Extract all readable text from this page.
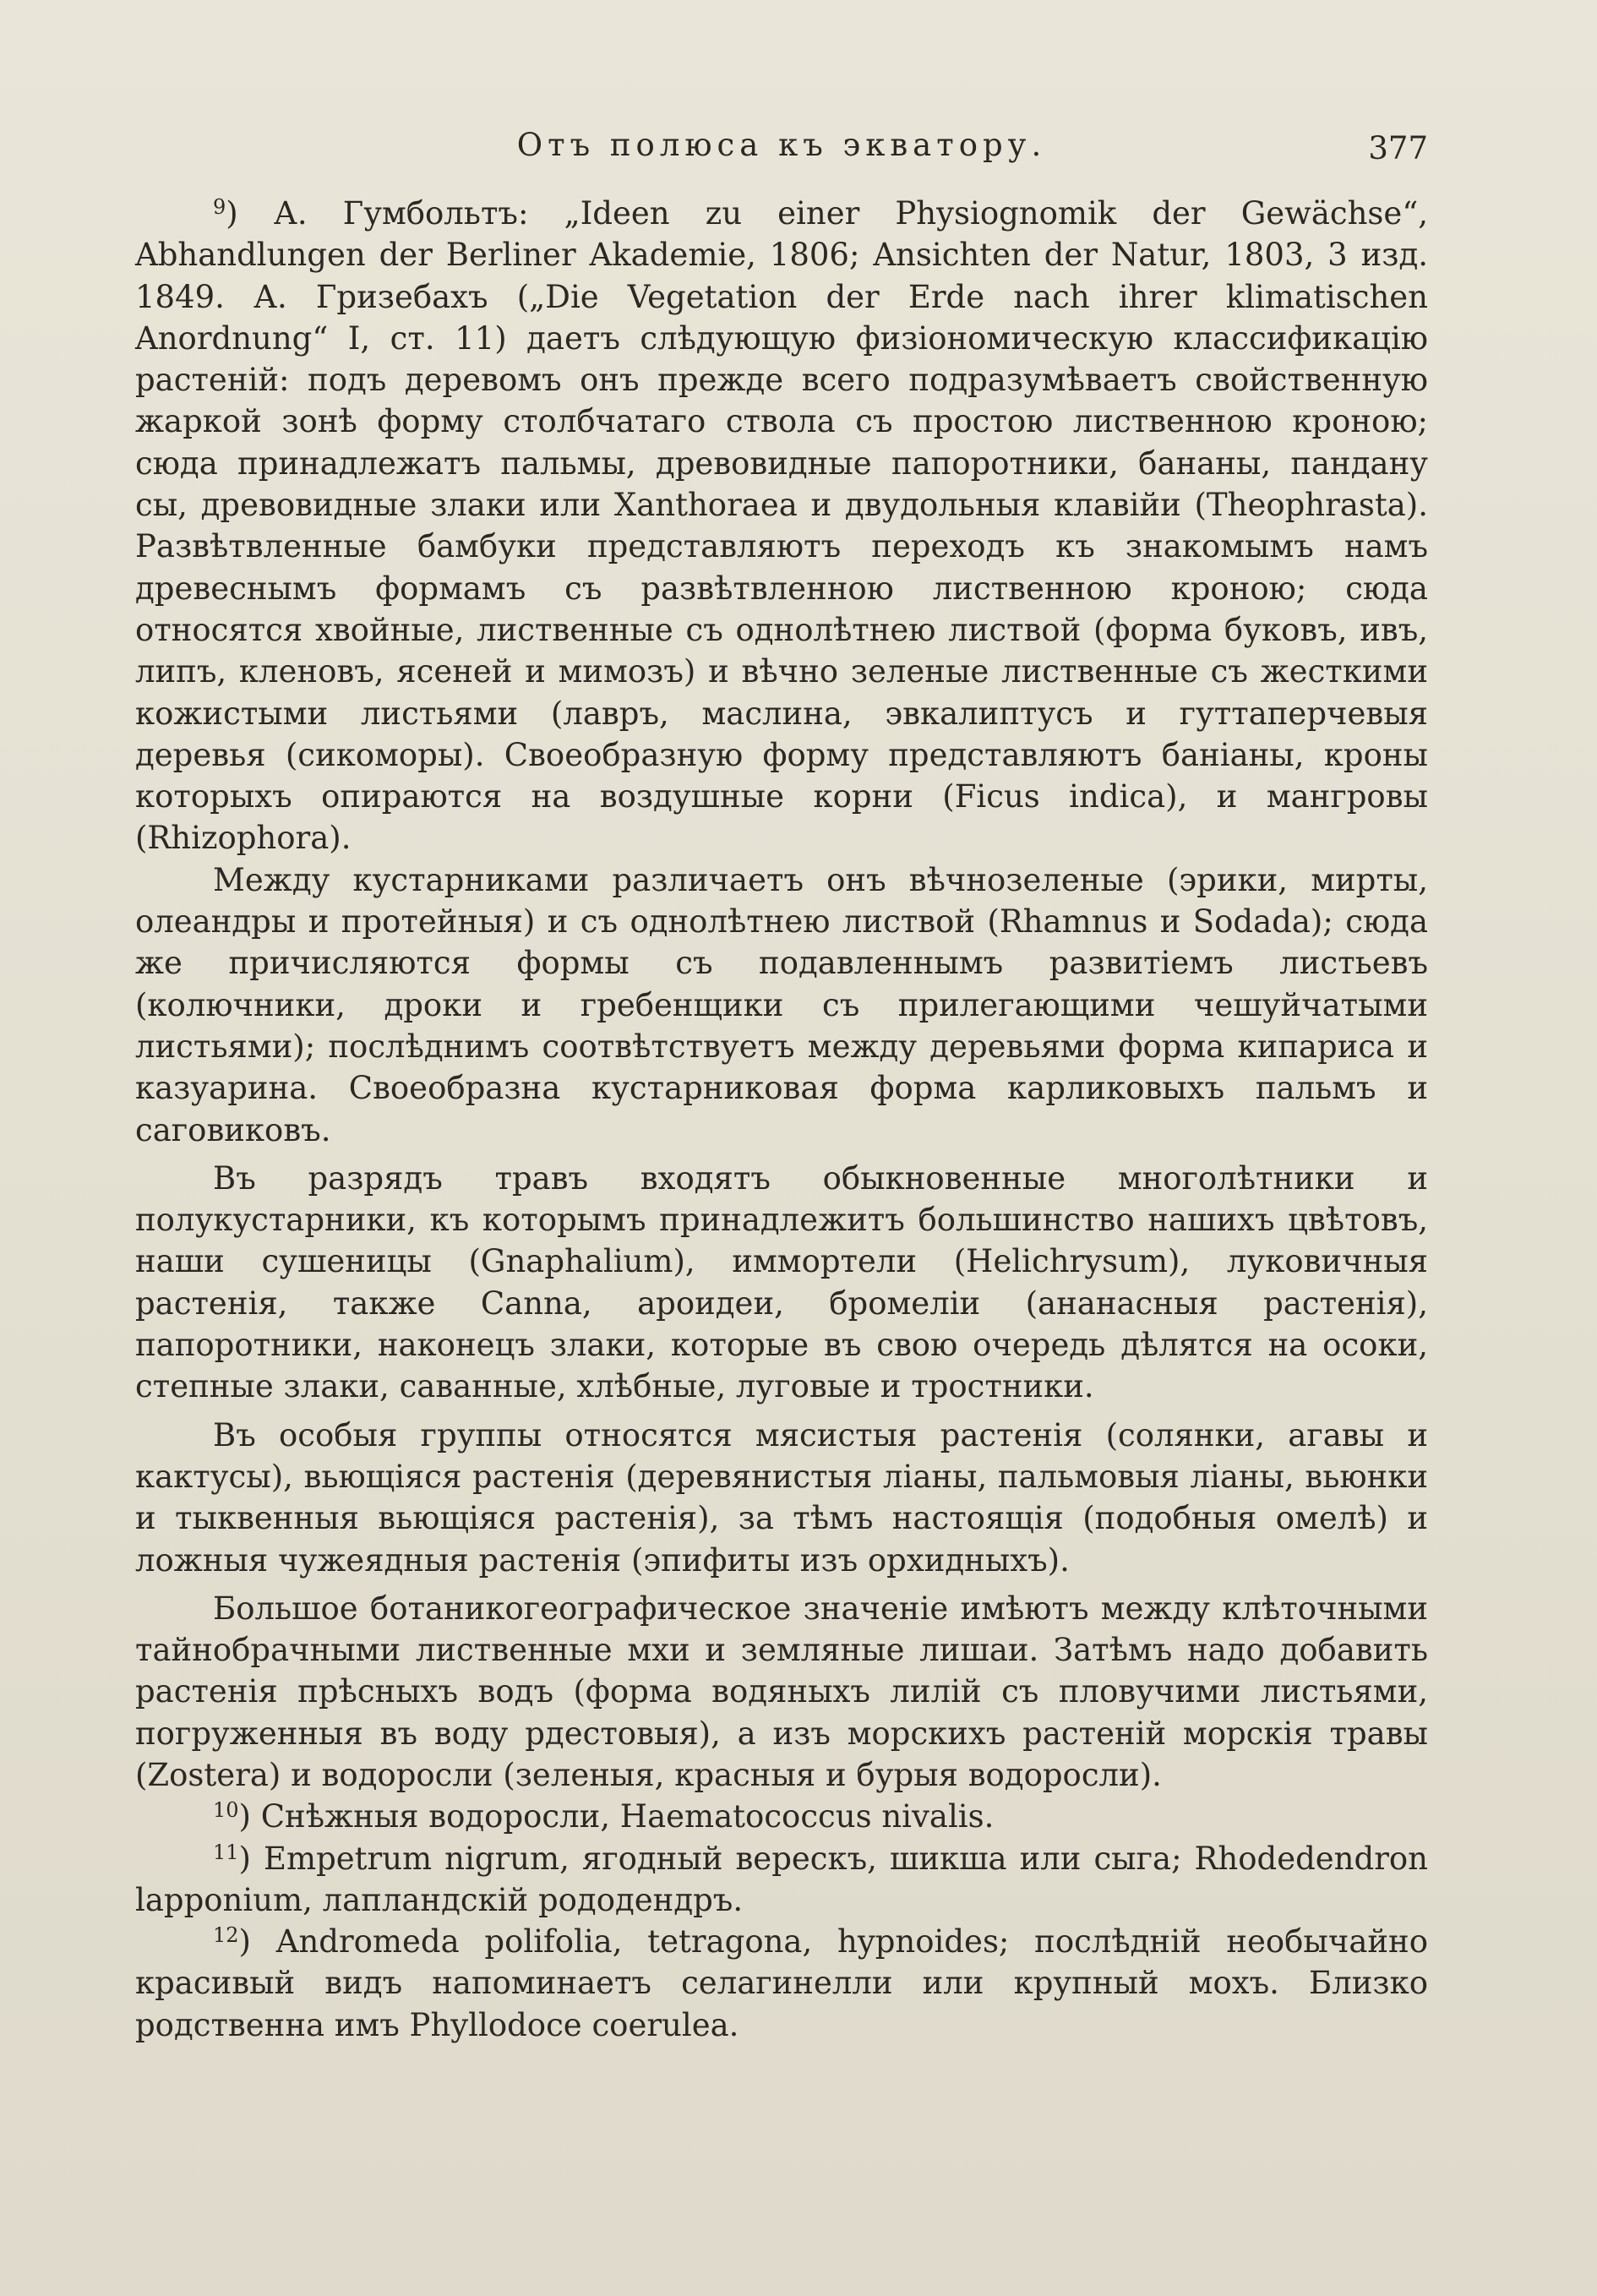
Отъ полюса къ экватору.	377

$^9$) А. Гумбольтъ: „Ideen zu einer Physiognomik der Gewächse“, Abhandlungen der Berliner Akademie, 1806; Ansichten der Natur, 1803, 3 изд. 1849. А. Гризебахъ („Die Vegetation der Erde nach ihrer klimatischen Anordnung“ I, ст. 11) даетъ слѣдующую физіономическую классификацію растеній: подъ деревомъ онъ прежде всего подразумѣваетъ свойственную жаркой зонѣ форму столбчатаго ствола съ простою лиственною кроною; сюда принадлежатъ пальмы, древовидные папоротники, бананы, пандану сы, древовидные злаки или Xanthoraea и двудольныя клавійи (Theophrasta). Развѣтвленные бамбуки представляютъ переходъ къ знакомымъ намъ древеснымъ формамъ съ развѣтвленною лиственною кроною; сюда относятся хвойные, лиственные съ однолѣтнею листвой (форма буковъ, ивъ, липъ, кленовъ, ясеней и мимозъ) и вѣчно зеленые лиственные съ жесткими кожистыми листьями (лавръ, маслина, эвкалиптусъ и гуттаперчевыя деревья (сикоморы). Своеобразную форму представляютъ баніаны, кроны которыхъ опираются на воздушные корни (Ficus indica), и мангровы (Rhizophora).

Между кустарниками различаетъ онъ вѣчнозеленые (эрики, мирты, олеандры и протейныя) и съ однолѣтнею листвой (Rhamnus и Sodada); сюда же причисляются формы съ подавленнымъ развитіемъ листьевъ (колючники, дроки и гребенщики съ прилегающими чешуйчатыми листьями); послѣднимъ соотвѣтствуетъ между деревьями форма кипариса и казуарина. Своеобразна кустарниковая форма карликовыхъ пальмъ и саговиковъ.

Въ разрядъ травъ входятъ обыкновенные многолѣтники и полукустарники, къ которымъ принадлежитъ большинство нашихъ цвѣтовъ, наши сушеницы (Gnaphalium), иммортели (Helichrysum), луковичныя растенія, также Canna, ароидеи, бромеліи (ананасныя растенія), папоротники, наконецъ злаки, которые въ свою очередь дѣлятся на осоки, степные злаки, саванные, хлѣбные, луговые и тростники.

Въ особыя группы относятся мясистыя растенія (солянки, агавы и кактусы), вьющіяся растенія (деревянистыя ліаны, пальмовыя ліаны, вьюнки и тыквенныя вьющіяся растенія), за тѣмъ настоящія (подобныя омелѣ) и ложныя чужеядныя растенія (эпифиты изъ орхидныхъ).

Большое ботаникогеографическое значеніе имѣютъ между клѣточными тайнобрачными лиственные мхи и земляные лишаи. Затѣмъ надо добавить растенія прѣсныхъ водъ (форма водяныхъ лилій съ пловучими листьями, погруженныя въ воду рдестовыя), а изъ морскихъ растеній морскія травы (Zostera) и водоросли (зеленыя, красныя и бурыя водоросли).

$^{10}$) Снѣжныя водоросли, Haematococcus nivalis.

$^{11}$) Empetrum nigrum, ягодный верескъ, шикша или сыга; Rhodedendron lapponium, лапландскій рододендръ.

$^{12}$) Andromeda polifolia, tetragona, hypnoides; послѣдній необычайно красивый видъ напоминаетъ селагинелли или крупный мохъ. Близко родственна имъ Phyllodoce coerulea.
